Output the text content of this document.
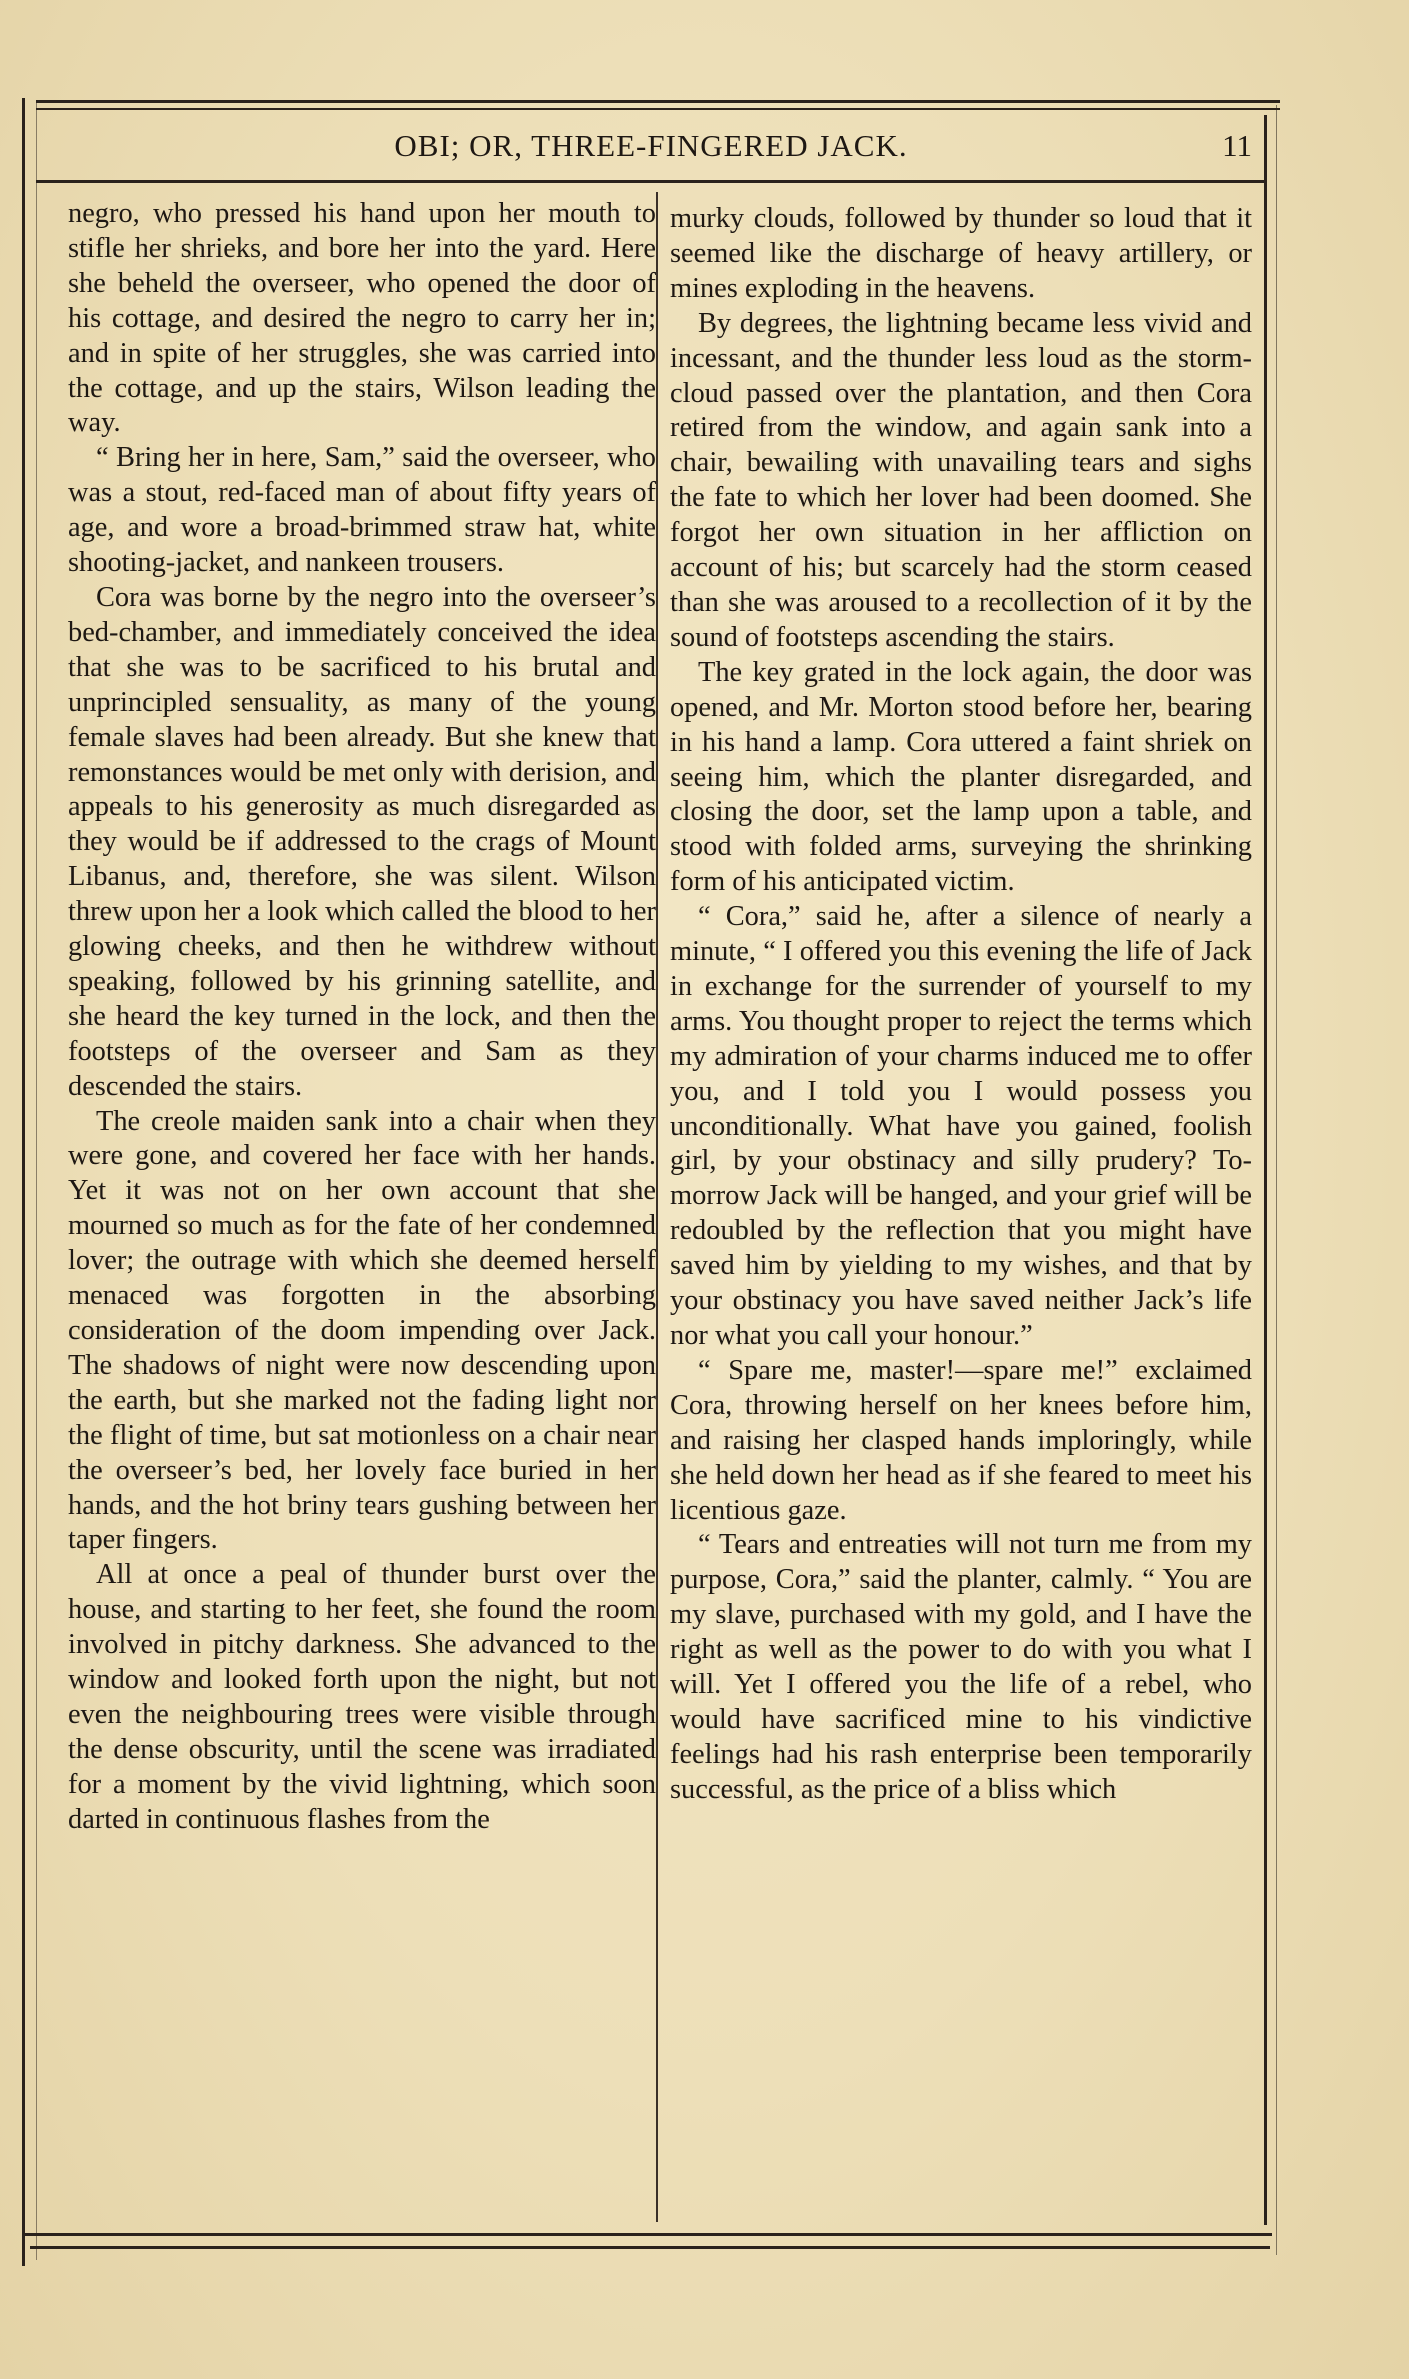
OBI; OR, THREE-FINGERED JACK.	11

negro, who pressed his hand upon her mouth to stifle her shrieks, and bore her into the yard. Here she beheld the overseer, who opened the door of his cottage, and desired the negro to carry her in; and in spite of her struggles, she was carried into the cottage, and up the stairs, Wilson leading the way.

“ Bring her in here, Sam,” said the overseer, who was a stout, red-faced man of about fifty years of age, and wore a broad-brimmed straw hat, white shooting-jacket, and nankeen trousers.

Cora was borne by the negro into the overseer’s bed-chamber, and immediately conceived the idea that she was to be sacrificed to his brutal and unprincipled sensuality, as many of the young female slaves had been already. But she knew that remonstances would be met only with derision, and appeals to his generosity as much disregarded as they would be if addressed to the crags of Mount Libanus, and, therefore, she was silent. Wilson threw upon her a look which called the blood to her glowing cheeks, and then he withdrew without speaking, followed by his grinning satellite, and she heard the key turned in the lock, and then the footsteps of the overseer and Sam as they descended the stairs.

The creole maiden sank into a chair when they were gone, and covered her face with her hands. Yet it was not on her own account that she mourned so much as for the fate of her condemned lover; the outrage with which she deemed herself menaced was forgotten in the absorbing consideration of the doom impending over Jack. The shadows of night were now descending upon the earth, but she marked not the fading light nor the flight of time, but sat motionless on a chair near the overseer’s bed, her lovely face buried in her hands, and the hot briny tears gushing between her taper fingers.

All at once a peal of thunder burst over the house, and starting to her feet, she found the room involved in pitchy darkness. She advanced to the window and looked forth upon the night, but not even the neighbouring trees were visible through the dense obscurity, until the scene was irradiated for a moment by the vivid lightning, which soon darted in continuous flashes from the

murky clouds, followed by thunder so loud that it seemed like the discharge of heavy artillery, or mines exploding in the heavens.

By degrees, the lightning became less vivid and incessant, and the thunder less loud as the storm-cloud passed over the plantation, and then Cora retired from the window, and again sank into a chair, bewailing with unavailing tears and sighs the fate to which her lover had been doomed. She forgot her own situation in her affliction on account of his; but scarcely had the storm ceased than she was aroused to a recollection of it by the sound of footsteps ascending the stairs.

The key grated in the lock again, the door was opened, and Mr. Morton stood before her, bearing in his hand a lamp. Cora uttered a faint shriek on seeing him, which the planter disregarded, and closing the door, set the lamp upon a table, and stood with folded arms, surveying the shrinking form of his anticipated victim.

“ Cora,” said he, after a silence of nearly a minute, “ I offered you this evening the life of Jack in exchange for the surrender of yourself to my arms. You thought proper to reject the terms which my admiration of your charms induced me to offer you, and I told you I would possess you unconditionally. What have you gained, foolish girl, by your obstinacy and silly prudery? To-morrow Jack will be hanged, and your grief will be redoubled by the reflection that you might have saved him by yielding to my wishes, and that by your obstinacy you have saved neither Jack’s life nor what you call your honour.”

“ Spare me, master!—spare me!” exclaimed Cora, throwing herself on her knees before him, and raising her clasped hands imploringly, while she held down her head as if she feared to meet his licentious gaze.

“ Tears and entreaties will not turn me from my purpose, Cora,” said the planter, calmly. “ You are my slave, purchased with my gold, and I have the right as well as the power to do with you what I will. Yet I offered you the life of a rebel, who would have sacrificed mine to his vindictive feelings had his rash enterprise been temporarily successful, as the price of a bliss which
